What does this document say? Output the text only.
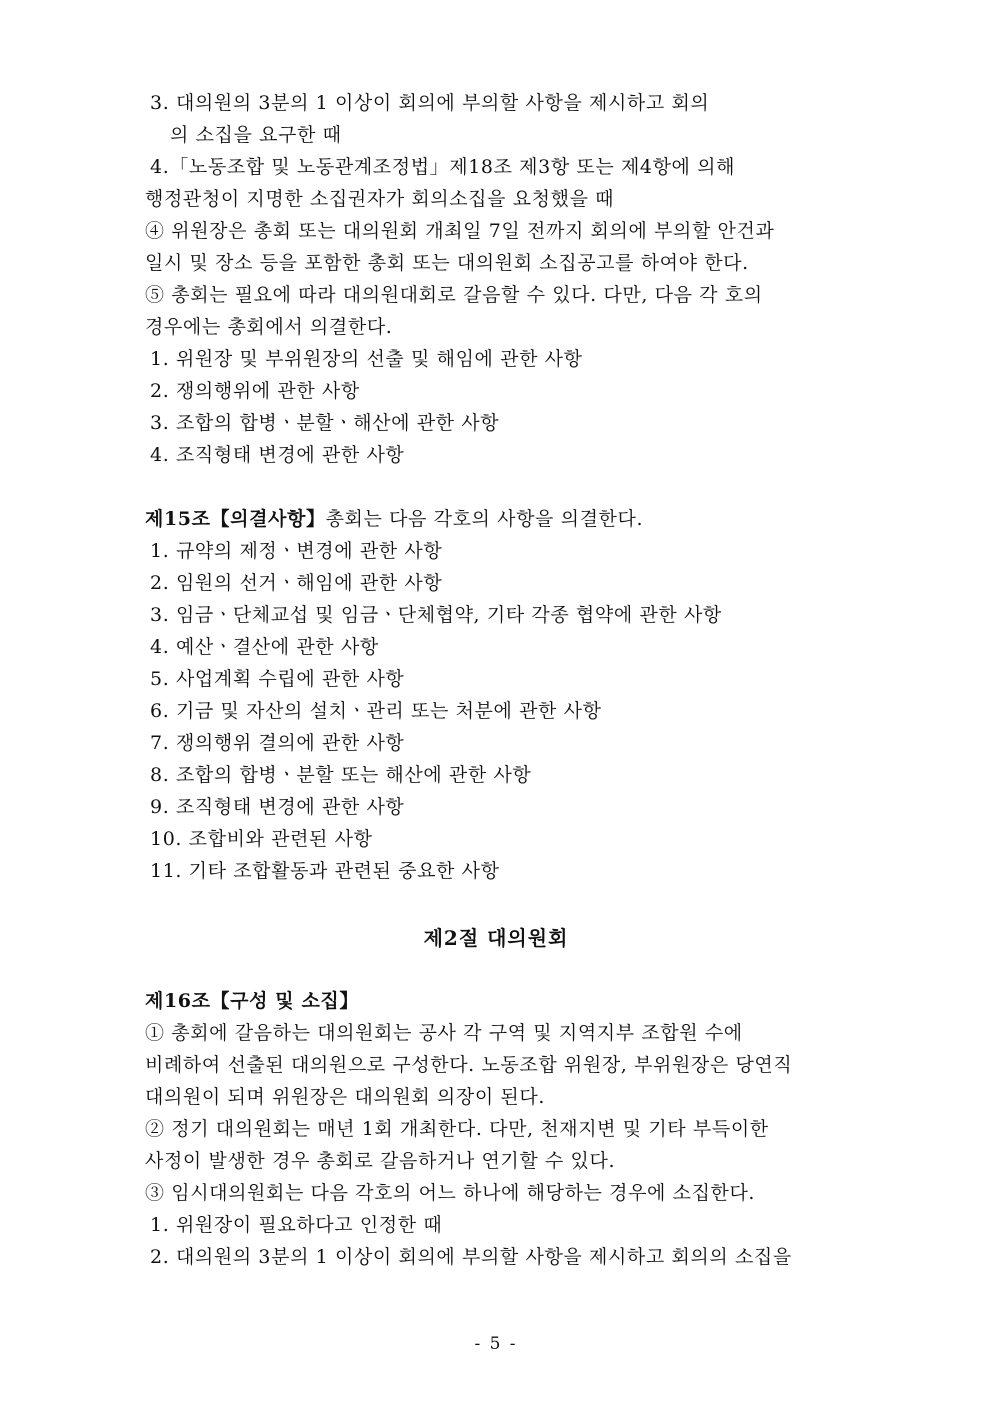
3. 대의원의 3분의 1 이상이 회의에 부의할 사항을 제시하고 회의
의 소집을 요구한 때
4.「노동조합 및 노동관계조정법」제18조 제3항 또는 제4항에 의해
행정관청이 지명한 소집권자가 회의소집을 요청했을 때
④ 위원장은 총회 또는 대의원회 개최일 7일 전까지 회의에 부의할 안건과
일시 및 장소 등을 포함한 총회 또는 대의원회 소집공고를 하여야 한다.
⑤ 총회는 필요에 따라 대의원대회로 갈음할 수 있다. 다만, 다음 각 호의
경우에는 총회에서 의결한다.
1. 위원장 및 부위원장의 선출 및 해임에 관한 사항
2. 쟁의행위에 관한 사항
3. 조합의 합병ㆍ분할ㆍ해산에 관한 사항
4. 조직형태 변경에 관한 사항
제15조【의결사항】총회는 다음 각호의 사항을 의결한다.
1. 규약의 제정ㆍ변경에 관한 사항
2. 임원의 선거ㆍ해임에 관한 사항
3. 임금ㆍ단체교섭 및 임금ㆍ단체협약, 기타 각종 협약에 관한 사항
4. 예산ㆍ결산에 관한 사항
5. 사업계획 수립에 관한 사항
6. 기금 및 자산의 설치ㆍ관리 또는 처분에 관한 사항
7. 쟁의행위 결의에 관한 사항
8. 조합의 합병ㆍ분할 또는 해산에 관한 사항
9. 조직형태 변경에 관한 사항
10. 조합비와 관련된 사항
11. 기타 조합활동과 관련된 중요한 사항
제2절 대의원회
제16조【구성 및 소집】
① 총회에 갈음하는 대의원회는 공사 각 구역 및 지역지부 조합원 수에
비례하여 선출된 대의원으로 구성한다. 노동조합 위원장, 부위원장은 당연직
대의원이 되며 위원장은 대의원회 의장이 된다.
② 정기 대의원회는 매년 1회 개최한다. 다만, 천재지변 및 기타 부득이한
사정이 발생한 경우 총회로 갈음하거나 연기할 수 있다.
③ 임시대의원회는 다음 각호의 어느 하나에 해당하는 경우에 소집한다.
1. 위원장이 필요하다고 인정한 때
2. 대의원의 3분의 1 이상이 회의에 부의할 사항을 제시하고 회의의 소집을
- 5 -
